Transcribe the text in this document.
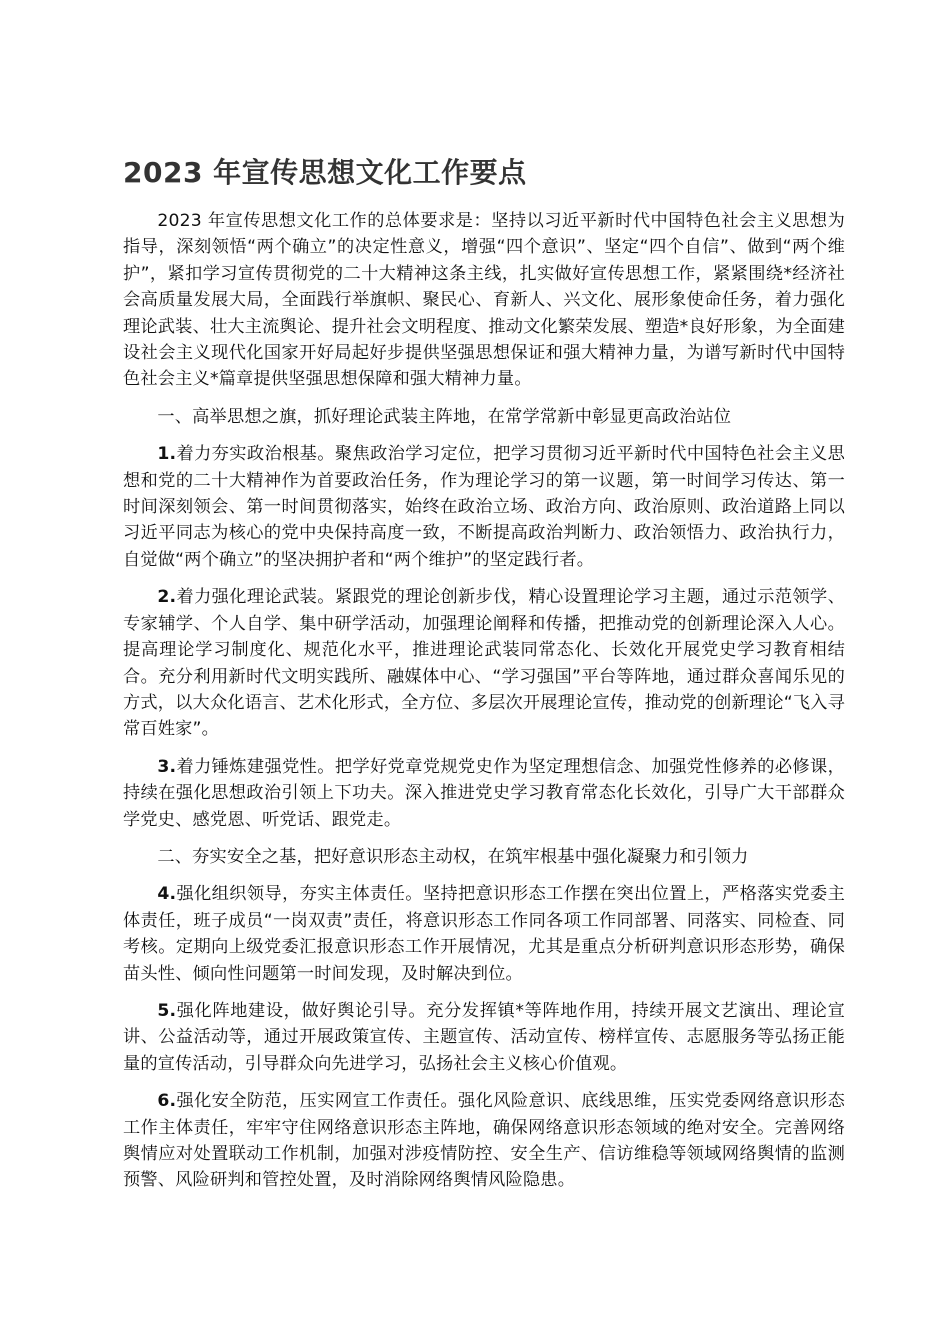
2023 年宣传思想文化工作要点

2023 年宣传思想文化工作的总体要求是：坚持以习近平新时代中国特色社会主义思想为指导，深刻领悟“两个确立”的决定性意义，增强“四个意识”、坚定“四个自信”、做到“两个维护”，紧扣学习宣传贯彻党的二十大精神这条主线，扎实做好宣传思想工作，紧紧围绕*经济社会高质量发展大局，全面践行举旗帜、聚民心、育新人、兴文化、展形象使命任务，着力强化理论武装、壮大主流舆论、提升社会文明程度、推动文化繁荣发展、塑造*良好形象，为全面建设社会主义现代化国家开好局起好步提供坚强思想保证和强大精神力量，为谱写新时代中国特色社会主义*篇章提供坚强思想保障和强大精神力量。

一、高举思想之旗，抓好理论武装主阵地，在常学常新中彰显更高政治站位

1.着力夯实政治根基。聚焦政治学习定位，把学习贯彻习近平新时代中国特色社会主义思想和党的二十大精神作为首要政治任务，作为理论学习的第一议题，第一时间学习传达、第一时间深刻领会、第一时间贯彻落实，始终在政治立场、政治方向、政治原则、政治道路上同以习近平同志为核心的党中央保持高度一致，不断提高政治判断力、政治领悟力、政治执行力，自觉做“两个确立”的坚决拥护者和“两个维护”的坚定践行者。

2.着力强化理论武装。紧跟党的理论创新步伐，精心设置理论学习主题，通过示范领学、专家辅学、个人自学、集中研学活动，加强理论阐释和传播，把推动党的创新理论深入人心。提高理论学习制度化、规范化水平，推进理论武装同常态化、长效化开展党史学习教育相结合。充分利用新时代文明实践所、融媒体中心、“学习强国”平台等阵地，通过群众喜闻乐见的方式，以大众化语言、艺术化形式，全方位、多层次开展理论宣传，推动党的创新理论“飞入寻常百姓家”。

3.着力锤炼建强党性。把学好党章党规党史作为坚定理想信念、加强党性修养的必修课，持续在强化思想政治引领上下功夫。深入推进党史学习教育常态化长效化，引导广大干部群众学党史、感党恩、听党话、跟党走。

二、夯实安全之基，把好意识形态主动权，在筑牢根基中强化凝聚力和引领力

4.强化组织领导，夯实主体责任。坚持把意识形态工作摆在突出位置上，严格落实党委主体责任，班子成员“一岗双责”责任，将意识形态工作同各项工作同部署、同落实、同检查、同考核。定期向上级党委汇报意识形态工作开展情况，尤其是重点分析研判意识形态形势，确保苗头性、倾向性问题第一时间发现，及时解决到位。

5.强化阵地建设，做好舆论引导。充分发挥镇*等阵地作用，持续开展文艺演出、理论宣讲、公益活动等，通过开展政策宣传、主题宣传、活动宣传、榜样宣传、志愿服务等弘扬正能量的宣传活动，引导群众向先进学习，弘扬社会主义核心价值观。

6.强化安全防范，压实网宣工作责任。强化风险意识、底线思维，压实党委网络意识形态工作主体责任，牢牢守住网络意识形态主阵地，确保网络意识形态领域的绝对安全。完善网络舆情应对处置联动工作机制，加强对涉疫情防控、安全生产、信访维稳等领域网络舆情的监测预警、风险研判和管控处置，及时消除网络舆情风险隐患。
